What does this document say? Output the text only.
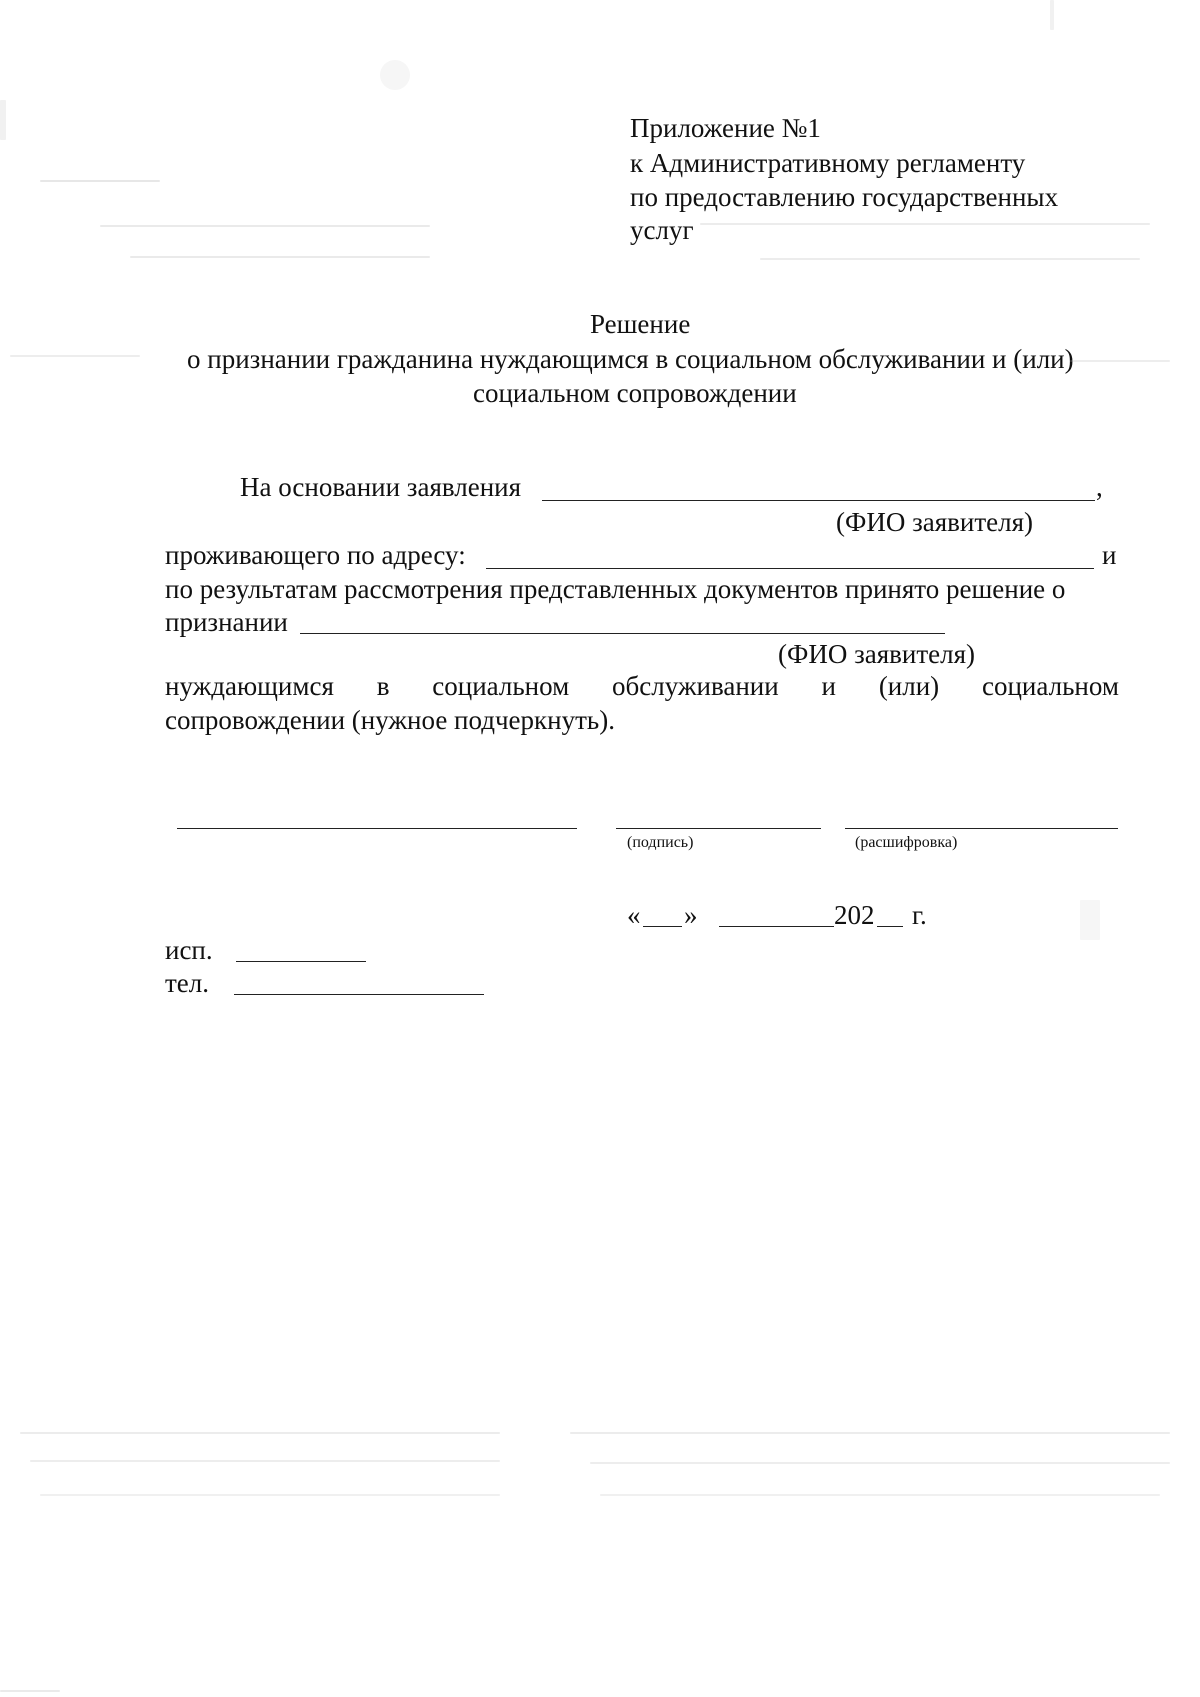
Приложение №1
к Административному регламенту
по предоставлению государственных
услуг
Решение
о признании гражданина нуждающимся в социальном обслуживании и (или)
социальном сопровождении
На основании заявления	,
(ФИО заявителя)
проживающего по адресу:	и
по результатам рассмотрения представленных документов принято решение о
признании
(ФИО заявителя)
нуждающимся в социальном обслуживании и (или) социальном
сопровождении (нужное подчеркнуть).
(подпись)	(расшифровка)
« »	202 г.
исп.
тел.
